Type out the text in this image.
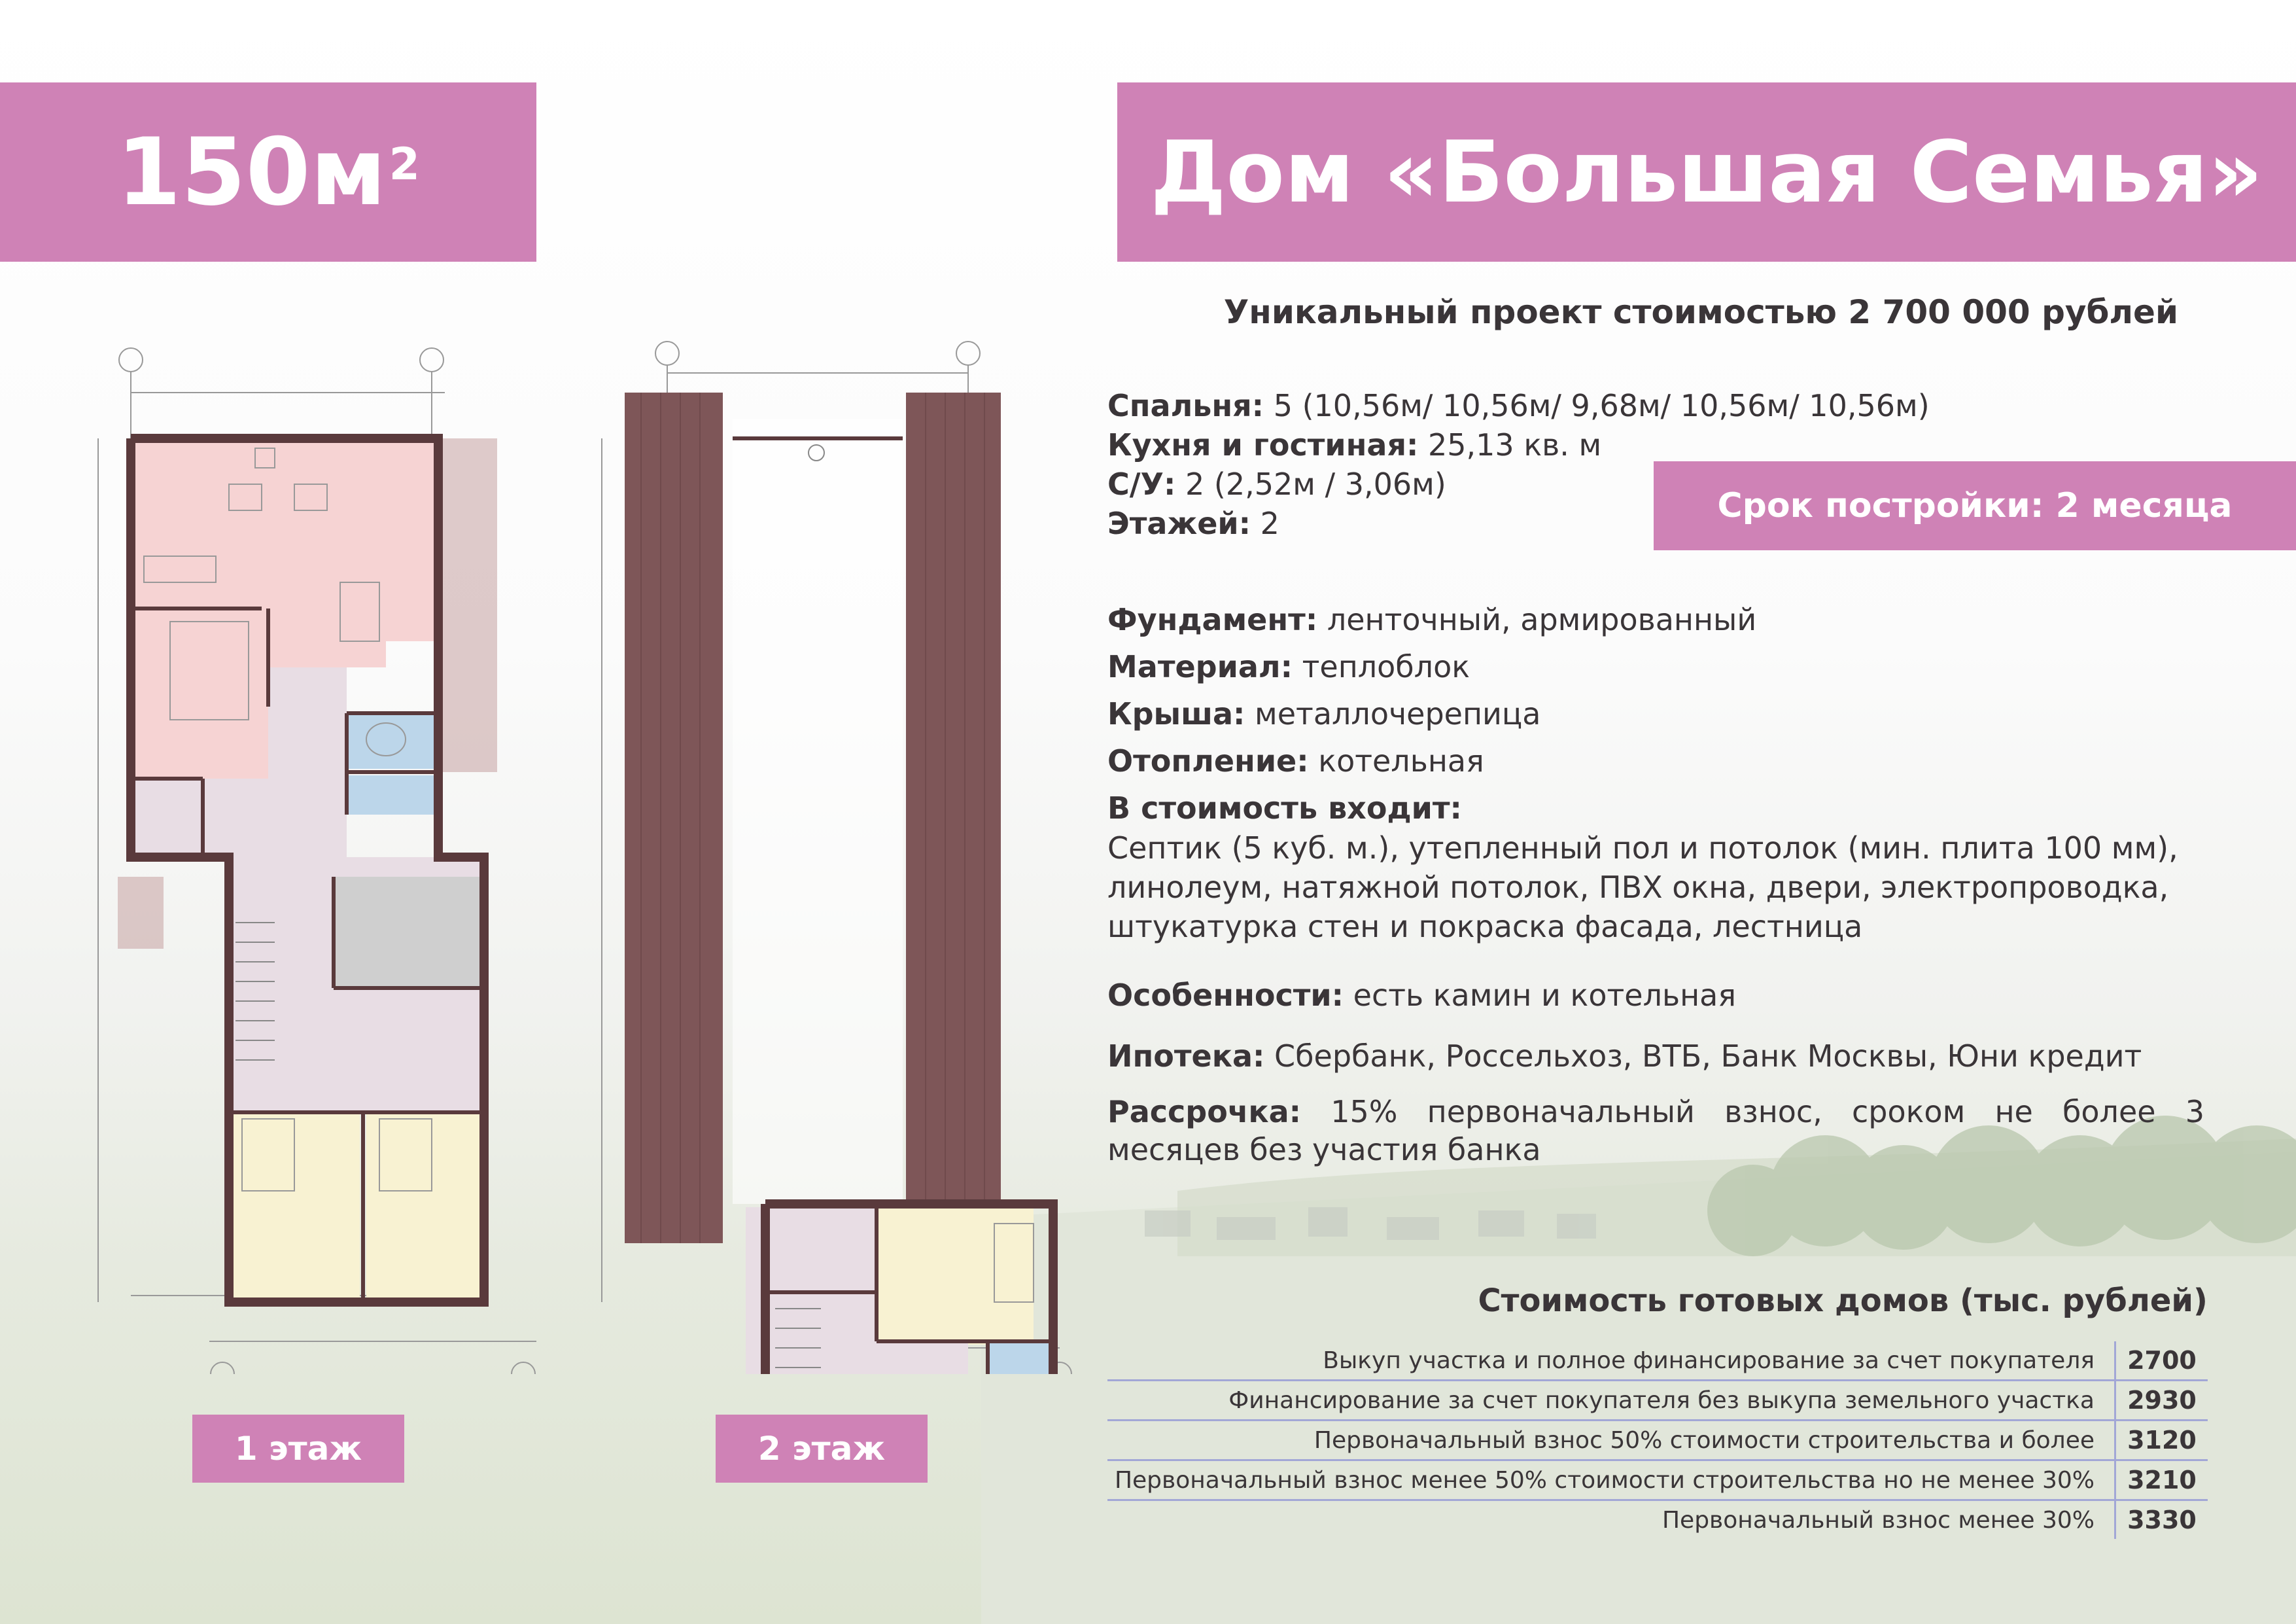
$150м^2$	Дом «Большая Семья»
Уникальный проект стоимостью 2 700 000 рублей
Спальня: 5 (10,56м/ 10,56м/ 9,68м/ 10,56м/ 10,56м)
Кухня и гостиная: 25,13 кв. м
С/У: 2 (2,52м / 3,06м)
Этажей: 2	Срок постройки: 2 месяца
Фундамент: ленточный, армированный
Материал: теплоблок
Крыша: металлочерепица
Отопление: котельная
В стоимость входит:
Септик (5 куб. м.), утепленный пол и потолок (мин. плита 100 мм), линолеум, натяжной потолок, ПВХ окна, двери, электропроводка, штукатурка стен и покраска фасада, лестница
Особенности: есть камин и котельная
Ипотека: Сбербанк, Россельхоз, ВТБ, Банк Москвы, Юни кредит
Рассрочка: 15% первоначальный взнос, сроком не более 3 месяцев без участия банка
Стоимость готовых домов (тыс. рублей)
Выкуп участка и полное финансирование за счет покупателя	2700
Финансирование за счет покупателя без выкупа земельного участка	2930
Первоначальный взнос 50% стоимости строительства и более	3120
Первоначальный взнос менее 50% стоимости строительства но не менее 30%	3210
Первоначальный взнос менее 30%	3330
1 этаж	2 этаж
